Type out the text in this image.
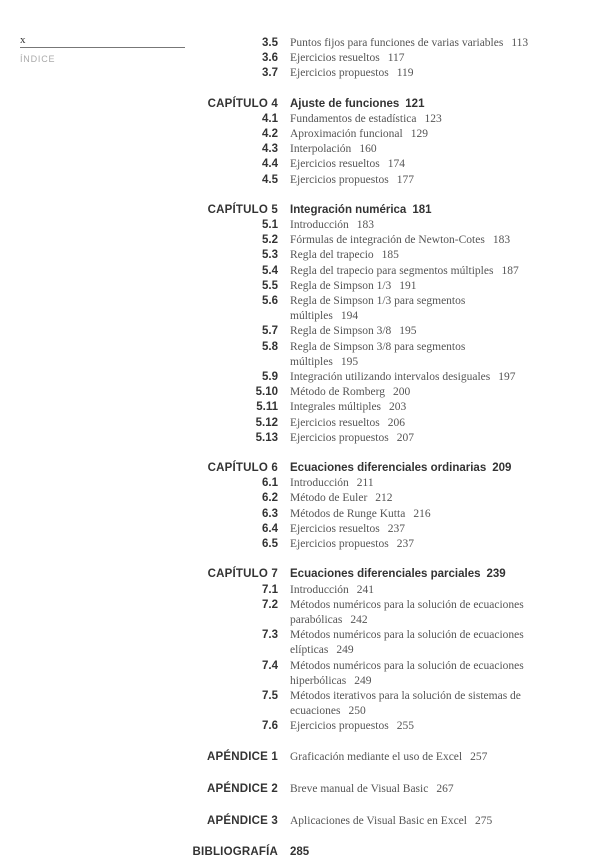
x
ÍNDICE
3.5	Puntos fijos para funciones de varias variables 113
3.6	Ejercicios resueltos 117
3.7	Ejercicios propuestos 119
CAPÍTULO 4	Ajuste de funciones 121
4.1	Fundamentos de estadística 123
4.2	Aproximación funcional 129
4.3	Interpolación 160
4.4	Ejercicios resueltos 174
4.5	Ejercicios propuestos 177
CAPÍTULO 5	Integración numérica 181
5.1	Introducción 183
5.2	Fórmulas de integración de Newton-Cotes 183
5.3	Regla del trapecio 185
5.4	Regla del trapecio para segmentos múltiples 187
5.5	Regla de Simpson 1/3 191
5.6	Regla de Simpson 1/3 para segmentos múltiples 194
5.7	Regla de Simpson 3/8 195
5.8	Regla de Simpson 3/8 para segmentos múltiples 195
5.9	Integración utilizando intervalos desiguales 197
5.10	Método de Romberg 200
5.11	Integrales múltiples 203
5.12	Ejercicios resueltos 206
5.13	Ejercicios propuestos 207
CAPÍTULO 6	Ecuaciones diferenciales ordinarias 209
6.1	Introducción 211
6.2	Método de Euler 212
6.3	Métodos de Runge Kutta 216
6.4	Ejercicios resueltos 237
6.5	Ejercicios propuestos 237
CAPÍTULO 7	Ecuaciones diferenciales parciales 239
7.1	Introducción 241
7.2	Métodos numéricos para la solución de ecuaciones parabólicas 242
7.3	Métodos numéricos para la solución de ecuaciones elípticas 249
7.4	Métodos numéricos para la solución de ecuaciones hiperbólicas 249
7.5	Métodos iterativos para la solución de sistemas de ecuaciones 250
7.6	Ejercicios propuestos 255
APÉNDICE 1	Graficación mediante el uso de Excel 257
APÉNDICE 2	Breve manual de Visual Basic 267
APÉNDICE 3	Aplicaciones de Visual Basic en Excel 275
BIBLIOGRAFÍA	285
